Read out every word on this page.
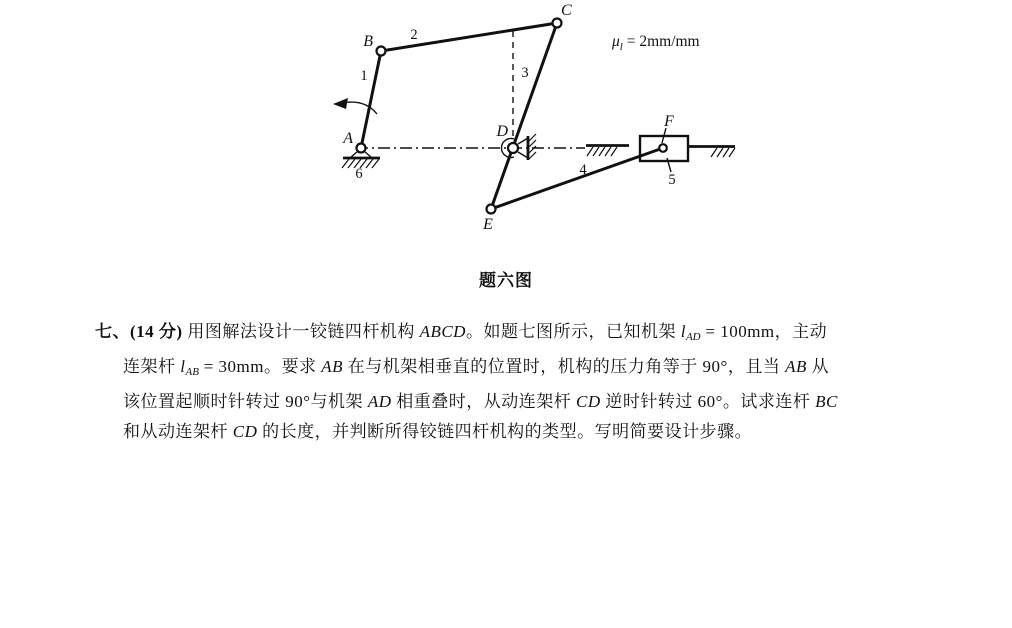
A
B
C
D
E
F
1
2
3
4
5
6
$\mu_l = 2mm/mm$
题六图
七、(14 分) 用图解法设计一铰链四杆机构 ABCD。如题七图所示，已知机架 $l_{AD} = 100mm$，主动
连架杆 $l_{AB} = 30mm$。要求 AB 在与机架相垂直的位置时，机构的压力角等于 90°，且当 AB 从
该位置起顺时针转过 90°与机架 AD 相重叠时，从动连架杆 CD 逆时针转过 60°。试求连杆 BC
和从动连架杆 CD 的长度，并判断所得铰链四杆机构的类型。写明简要设计步骤。
